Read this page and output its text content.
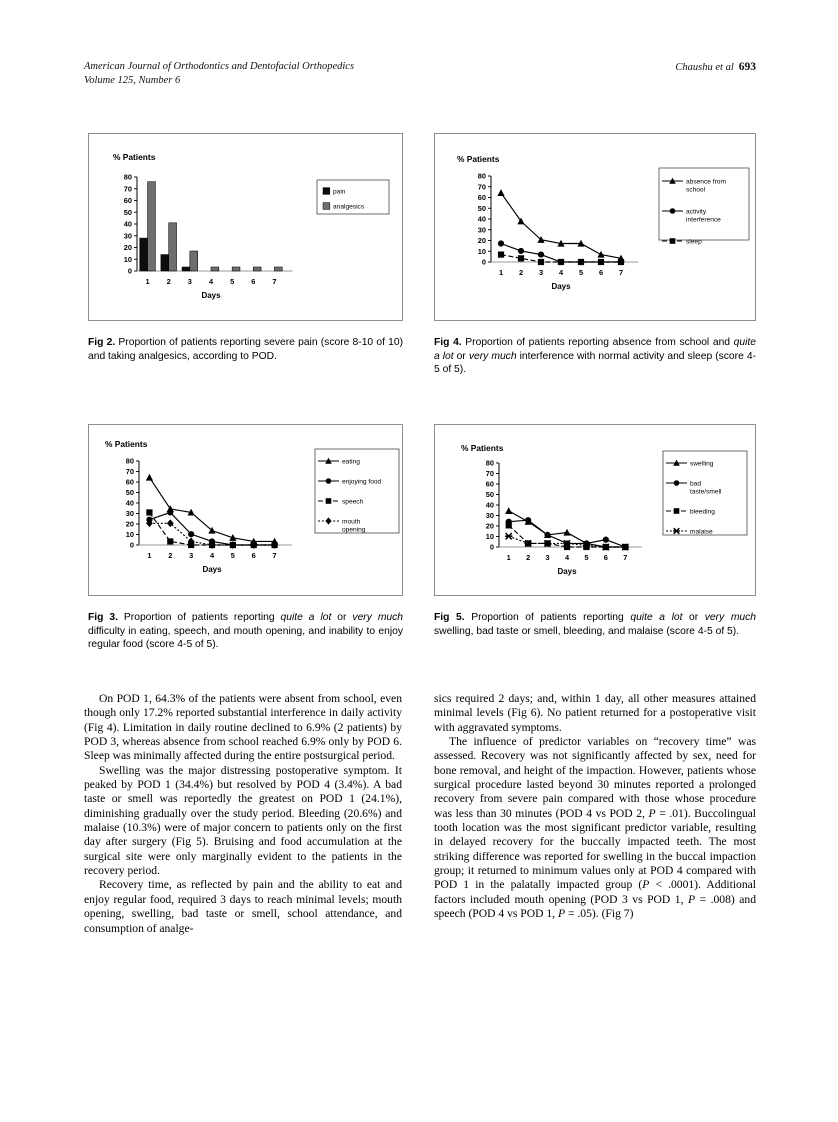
American Journal of Orthodontics and Dentofacial Orthopedics
Volume 125, Number 6
Chaushu et al 693
% Patients
0
10
20
30
40
50
60
70
80
1 2 3 4 5 6 7
Days
pain
analgesics
Fig 2. Proportion of patients reporting severe pain (score 8-10 of 10) and taking analgesics, according to POD.
% Patients
0
10
20
30
40
50
60
70
80
1 2 3 4 5 6 7
Days
absence from
school
activity
interference
sleep
Fig 4. Proportion of patients reporting absence from school and quite a lot or very much interference with normal activity and sleep (score 4-5 of 5).
% Patients
0
10
20
30
40
50
60
70
80
1 2 3 4 5 6 7
Days
eating
enjoying food
speech
mouth
opening
Fig 3. Proportion of patients reporting quite a lot or very much difficulty in eating, speech, and mouth opening, and inability to enjoy regular food (score 4-5 of 5).
% Patients
0
10
20
30
40
50
60
70
80
1 2 3 4 5 6 7
Days
swelling
bad
taste/smell
bleeding
malaise
Fig 5. Proportion of patients reporting quite a lot or very much swelling, bad taste or smell, bleeding, and malaise (score 4-5 of 5).

On POD 1, 64.3% of the patients were absent from school, even though only 17.2% reported substantial interference in daily activity (Fig 4). Limitation in daily routine declined to 6.9% (2 patients) by POD 3, whereas absence from school reached 6.9% only by POD 6. Sleep was minimally affected during the entire postsurgical period.

Swelling was the major distressing postoperative symptom. It peaked by POD 1 (34.4%) but resolved by POD 4 (3.4%). A bad taste or smell was reportedly the greatest on POD 1 (24.1%), diminishing gradually over the study period. Bleeding (20.6%) and malaise (10.3%) were of major concern to patients only on the first day after surgery (Fig 5). Bruising and food accumulation at the surgical site were only marginally evident to the patients in the recovery period.

Recovery time, as reflected by pain and the ability to eat and enjoy regular food, required 3 days to reach minimal levels; mouth opening, swelling, bad taste or smell, school attendance, and consumption of analge-

sics required 2 days; and, within 1 day, all other measures attained minimal levels (Fig 6). No patient returned for a postoperative visit with aggravated symptoms.

The influence of predictor variables on “recovery time” was assessed. Recovery was not significantly affected by sex, need for bone removal, and height of the impaction. However, patients whose surgical procedure lasted beyond 30 minutes reported a prolonged recovery from severe pain compared with those whose procedure was less than 30 minutes (POD 4 vs POD 2, P = .01). Buccolingual tooth location was the most significant predictor variable, resulting in delayed recovery for the buccally impacted teeth. The most striking difference was reported for swelling in the buccal impaction group; it returned to minimum values only at POD 4 compared with POD 1 in the palatally impacted group (P < .0001). Additional factors included mouth opening (POD 3 vs POD 1, P = .008) and speech (POD 4 vs POD 1, P = .05). (Fig 7)
